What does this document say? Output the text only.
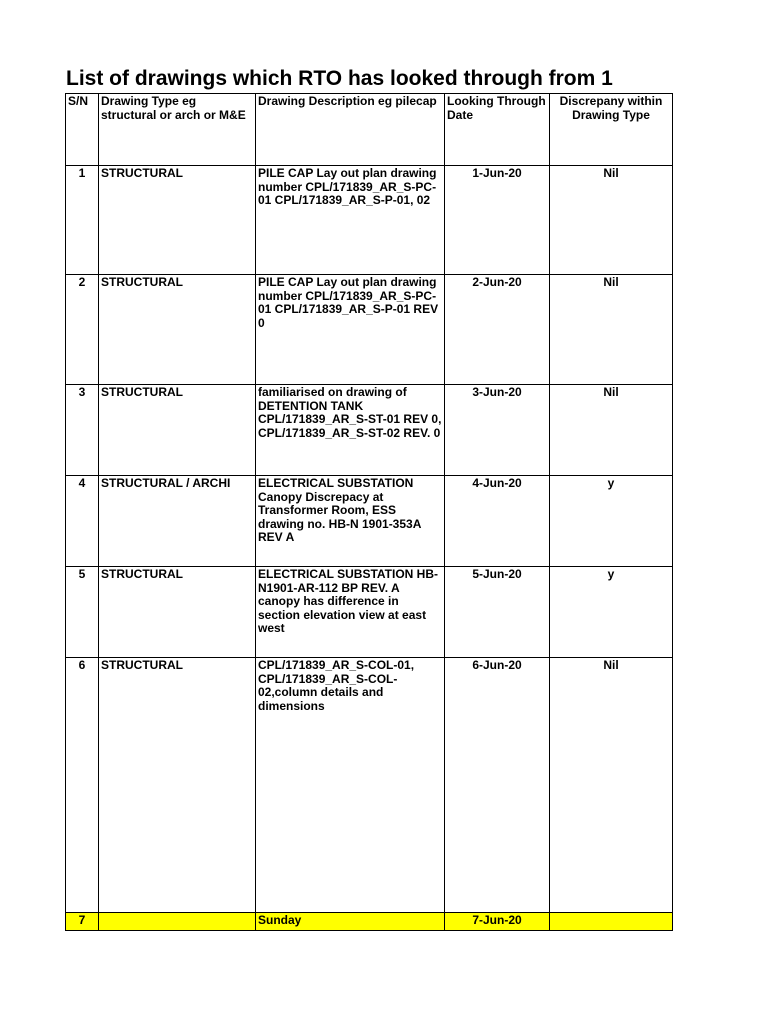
List of drawings which RTO has looked through from 1
S/N	Drawing Type eg structural or arch or M&E	Drawing Description eg pilecap	Looking Through Date	Discrepany within Drawing Type
1	STRUCTURAL	PILE CAP Lay out plan drawing number CPL/171839_AR_S-PC-01 CPL/171839_AR_S-P-01, 02	1-Jun-20	Nil
2	STRUCTURAL	PILE CAP Lay out plan drawing number CPL/171839_AR_S-PC-01 CPL/171839_AR_S-P-01 REV 0	2-Jun-20	Nil
3	STRUCTURAL	familiarised on drawing of DETENTION TANK CPL/171839_AR_S-ST-01 REV 0, CPL/171839_AR_S-ST-02 REV. 0	3-Jun-20	Nil
4	STRUCTURAL / ARCHI	ELECTRICAL SUBSTATION Canopy Discrepacy at Transformer Room, ESS drawing no. HB-N 1901-353A REV A	4-Jun-20	y
5	STRUCTURAL	ELECTRICAL SUBSTATION HB-N1901-AR-112 BP REV. A canopy has difference in section elevation view at east west	5-Jun-20	y
6	STRUCTURAL	CPL/171839_AR_S-COL-01, CPL/171839_AR_S-COL-02,column details and dimensions	6-Jun-20	Nil
7		Sunday	7-Jun-20	
